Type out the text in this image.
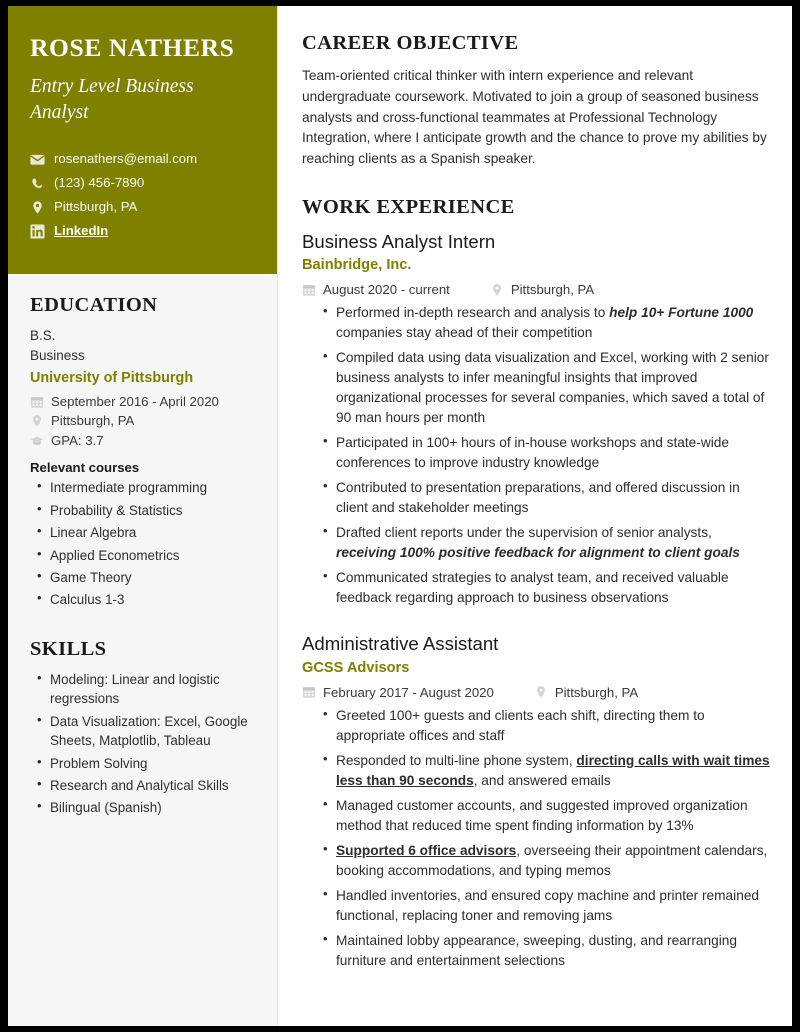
ROSE NATHERS
Entry Level Business Analyst
rosenathers@email.com
(123) 456-7890
Pittsburgh, PA
LinkedIn
EDUCATION
B.S.
Business
University of Pittsburgh
September 2016 - April 2020
Pittsburgh, PA
GPA: 3.7
Relevant courses
• Intermediate programming
• Probability & Statistics
• Linear Algebra
• Applied Econometrics
• Game Theory
• Calculus 1-3
SKILLS
• Modeling: Linear and logistic regressions
• Data Visualization: Excel, Google Sheets, Matplotlib, Tableau
• Problem Solving
• Research and Analytical Skills
• Bilingual (Spanish)
CAREER OBJECTIVE

Team-oriented critical thinker with intern experience and relevant undergraduate coursework. Motivated to join a group of seasoned business analysts and cross-functional teammates at Professional Technology Integration, where I anticipate growth and the chance to prove my abilities by reaching clients as a Spanish speaker.

WORK EXPERIENCE
Business Analyst Intern
Bainbridge, Inc.
August 2020 - current	Pittsburgh, PA
• Performed in-depth research and analysis to help 10+ Fortune 1000 companies stay ahead of their competition
• Compiled data using data visualization and Excel, working with 2 senior business analysts to infer meaningful insights that improved organizational processes for several companies, which saved a total of 90 man hours per month
• Participated in 100+ hours of in-house workshops and state-wide conferences to improve industry knowledge
• Contributed to presentation preparations, and offered discussion in client and stakeholder meetings
• Drafted client reports under the supervision of senior analysts, receiving 100% positive feedback for alignment to client goals
• Communicated strategies to analyst team, and received valuable feedback regarding approach to business observations
Administrative Assistant
GCSS Advisors
February 2017 - August 2020	Pittsburgh, PA
• Greeted 100+ guests and clients each shift, directing them to appropriate offices and staff
• Responded to multi-line phone system, directing calls with wait times less than 90 seconds, and answered emails
• Managed customer accounts, and suggested improved organization method that reduced time spent finding information by 13%
• Supported 6 office advisors, overseeing their appointment calendars, booking accommodations, and typing memos
• Handled inventories, and ensured copy machine and printer remained functional, replacing toner and removing jams
• Maintained lobby appearance, sweeping, dusting, and rearranging furniture and entertainment selections
